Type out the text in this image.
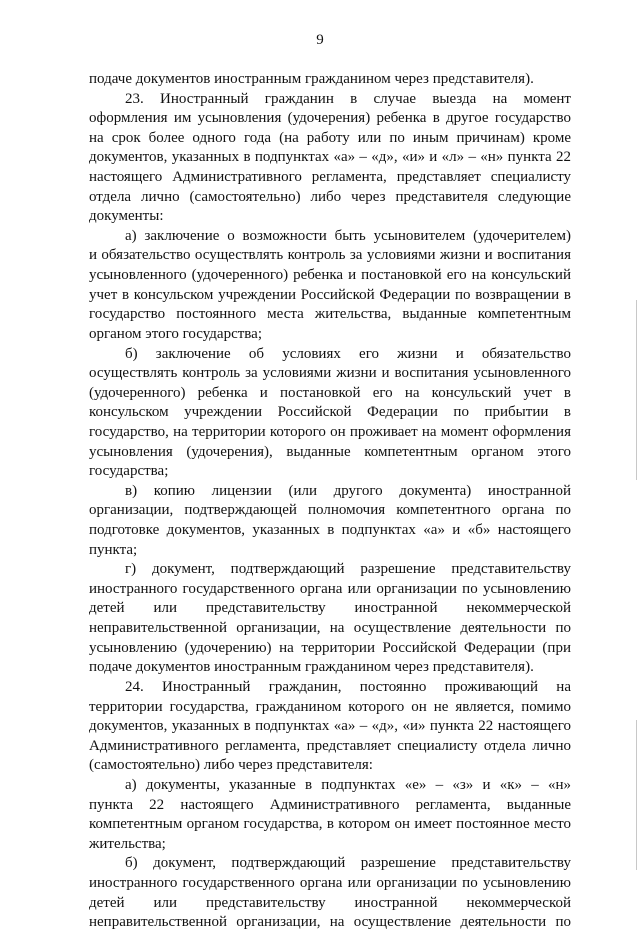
9
подаче документов иностранным гражданином через представителя).
23. Иностранный гражданин в случае выезда на момент
оформления им усыновления (удочерения) ребенка в другое государство
на срок более одного года (на работу или по иным причинам) кроме
документов, указанных в подпунктах «а» – «д», «и» и «л» – «н» пункта 22
настоящего Административного регламента, представляет специалисту
отдела лично (самостоятельно) либо через представителя следующие
документы:
а) заключение о возможности быть усыновителем (удочерителем)
и обязательство осуществлять контроль за условиями жизни и воспитания
усыновленного (удочеренного) ребенка и постановкой его на консульский
учет в консульском учреждении Российской Федерации по возвращении в
государство постоянного места жительства, выданные компетентным
органом этого государства;
б) заключение об условиях его жизни и обязательство
осуществлять контроль за условиями жизни и воспитания усыновленного
(удочеренного) ребенка и постановкой его на консульский учет в
консульском учреждении Российской Федерации по прибытии в
государство, на территории которого он проживает на момент оформления
усыновления (удочерения), выданные компетентным органом этого
государства;
в) копию лицензии (или другого документа) иностранной
организации, подтверждающей полномочия компетентного органа по
подготовке документов, указанных в подпунктах «а» и «б» настоящего
пункта;
г) документ, подтверждающий разрешение представительству
иностранного государственного органа или организации по усыновлению
детей или представительству иностранной некоммерческой
неправительственной организации, на осуществление деятельности по
усыновлению (удочерению) на территории Российской Федерации (при
подаче документов иностранным гражданином через представителя).
24. Иностранный гражданин, постоянно проживающий на
территории государства, гражданином которого он не является, помимо
документов, указанных в подпунктах «а» – «д», «и» пункта 22 настоящего
Административного регламента, представляет специалисту отдела лично
(самостоятельно) либо через представителя:
а) документы, указанные в подпунктах «е» – «з» и «к» – «н»
пункта 22 настоящего Административного регламента, выданные
компетентным органом государства, в котором он имеет постоянное место
жительства;
б) документ, подтверждающий разрешение представительству
иностранного государственного органа или организации по усыновлению
детей или представительству иностранной некоммерческой
неправительственной организации, на осуществление деятельности по
